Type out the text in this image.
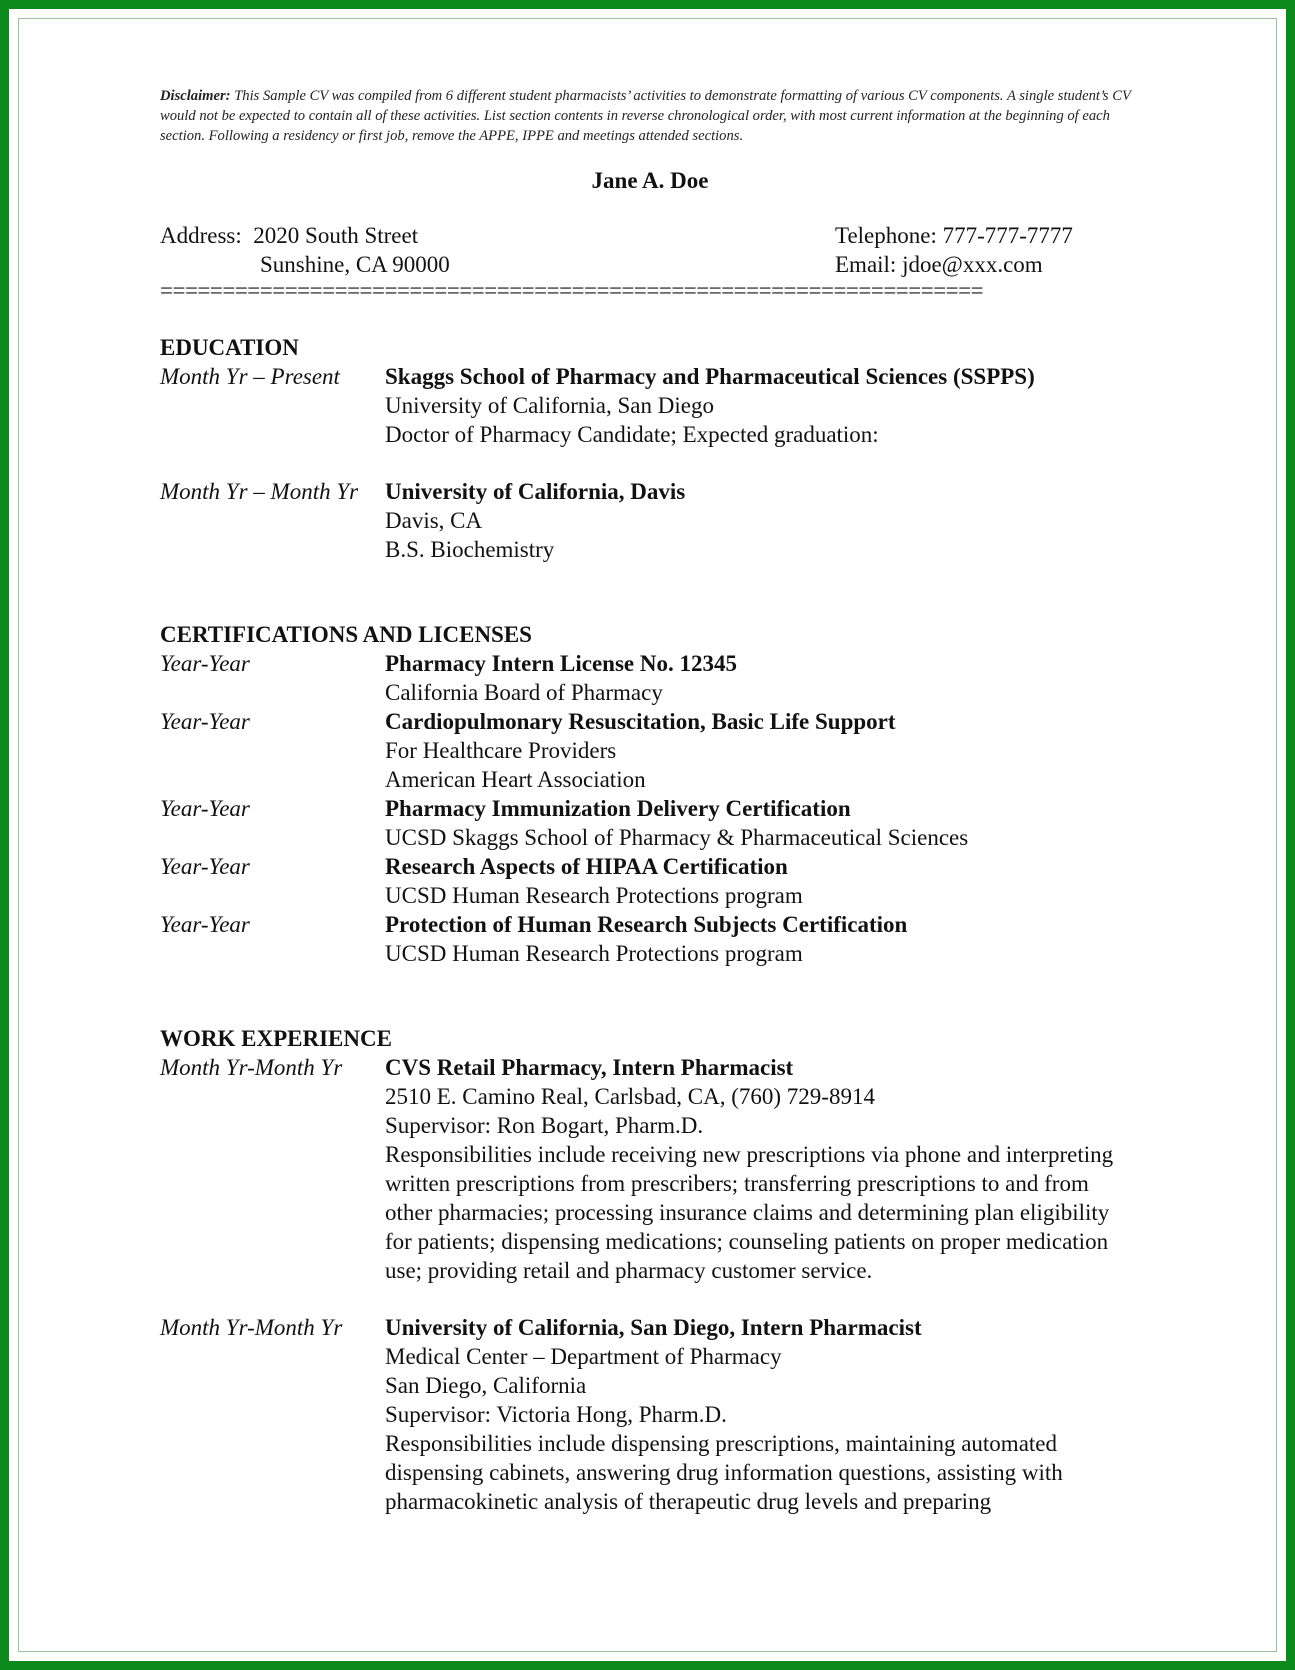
Disclaimer: This Sample CV was compiled from 6 different student pharmacists’ activities to demonstrate formatting of various CV components. A single student’s CV would not be expected to contain all of these activities. List section contents in reverse chronological order, with most current information at the beginning of each section. Following a residency or first job, remove the APPE, IPPE and meetings attended sections.

Jane A. Doe
Address: 2020 South Street
Sunshine, CA 90000
Telephone: 777-777-7777
Email: jdoe@xxx.com
==================================================================
EDUCATION
Month Yr – Present Skaggs School of Pharmacy and Pharmaceutical Sciences (SSPPS)
University of California, San Diego
Doctor of Pharmacy Candidate; Expected graduation:
Month Yr – Month Yr University of California, Davis
Davis, CA
B.S. Biochemistry
CERTIFICATIONS AND LICENSES
Year-Year	Pharmacy Intern License No. 12345
California Board of Pharmacy
Year-Year	Cardiopulmonary Resuscitation, Basic Life Support
For Healthcare Providers
American Heart Association
Year-Year	Pharmacy Immunization Delivery Certification
UCSD Skaggs School of Pharmacy & Pharmaceutical Sciences
Year-Year	Research Aspects of HIPAA Certification
UCSD Human Research Protections program
Year-Year	Protection of Human Research Subjects Certification
UCSD Human Research Protections program
WORK EXPERIENCE
Month Yr-Month Yr CVS Retail Pharmacy, Intern Pharmacist
2510 E. Camino Real, Carlsbad, CA, (760) 729-8914
Supervisor: Ron Bogart, Pharm.D.
Responsibilities include receiving new prescriptions via phone and interpreting written prescriptions from prescribers; transferring prescriptions to and from other pharmacies; processing insurance claims and determining plan eligibility for patients; dispensing medications; counseling patients on proper medication use; providing retail and pharmacy customer service.
Month Yr-Month Yr University of California, San Diego, Intern Pharmacist
Medical Center – Department of Pharmacy
San Diego, California
Supervisor: Victoria Hong, Pharm.D.
Responsibilities include dispensing prescriptions, maintaining automated dispensing cabinets, answering drug information questions, assisting with pharmacokinetic analysis of therapeutic drug levels and preparing
